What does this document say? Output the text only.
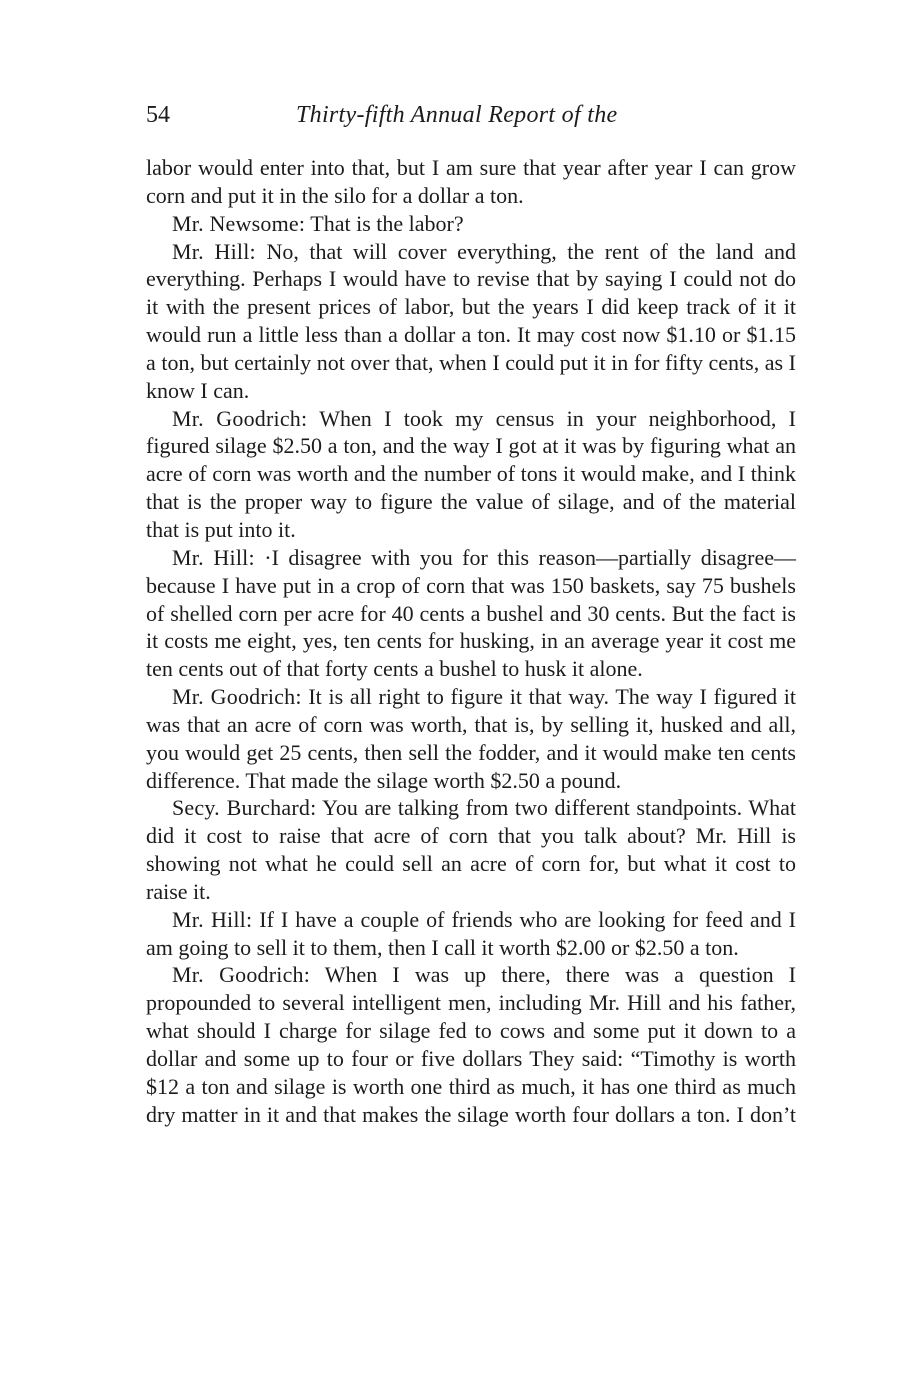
54	Thirty-fifth Annual Report of the

labor would enter into that, but I am sure that year after year I can grow corn and put it in the silo for a dollar a ton.

Mr. Newsome: That is the labor?

Mr. Hill: No, that will cover everything, the rent of the land and everything. Perhaps I would have to revise that by saying I could not do it with the present prices of labor, but the years I did keep track of it it would run a little less than a dollar a ton. It may cost now $1.10 or $1.15 a ton, but certainly not over that, when I could put it in for fifty cents, as I know I can.

Mr. Goodrich: When I took my census in your neighborhood, I figured silage $2.50 a ton, and the way I got at it was by figuring what an acre of corn was worth and the number of tons it would make, and I think that is the proper way to figure the value of silage, and of the material that is put into it.

Mr. Hill: ·I disagree with you for this reason—partially disagree—because I have put in a crop of corn that was 150 baskets, say 75 bushels of shelled corn per acre for 40 cents a bushel and 30 cents. But the fact is it costs me eight, yes, ten cents for husking, in an average year it cost me ten cents out of that forty cents a bushel to husk it alone.

Mr. Goodrich: It is all right to figure it that way. The way I figured it was that an acre of corn was worth, that is, by selling it, husked and all, you would get 25 cents, then sell the fodder, and it would make ten cents difference. That made the silage worth $2.50 a pound.

Secy. Burchard: You are talking from two different standpoints. What did it cost to raise that acre of corn that you talk about? Mr. Hill is showing not what he could sell an acre of corn for, but what it cost to raise it.

Mr. Hill: If I have a couple of friends who are looking for feed and I am going to sell it to them, then I call it worth $2.00 or $2.50 a ton.

Mr. Goodrich: When I was up there, there was a question I propounded to several intelligent men, including Mr. Hill and his father, what should I charge for silage fed to cows and some put it down to a dollar and some up to four or five dollars They said: “Timothy is worth $12 a ton and silage is worth one third as much, it has one third as much dry matter in it and that makes the silage worth four dollars a ton. I don’t
